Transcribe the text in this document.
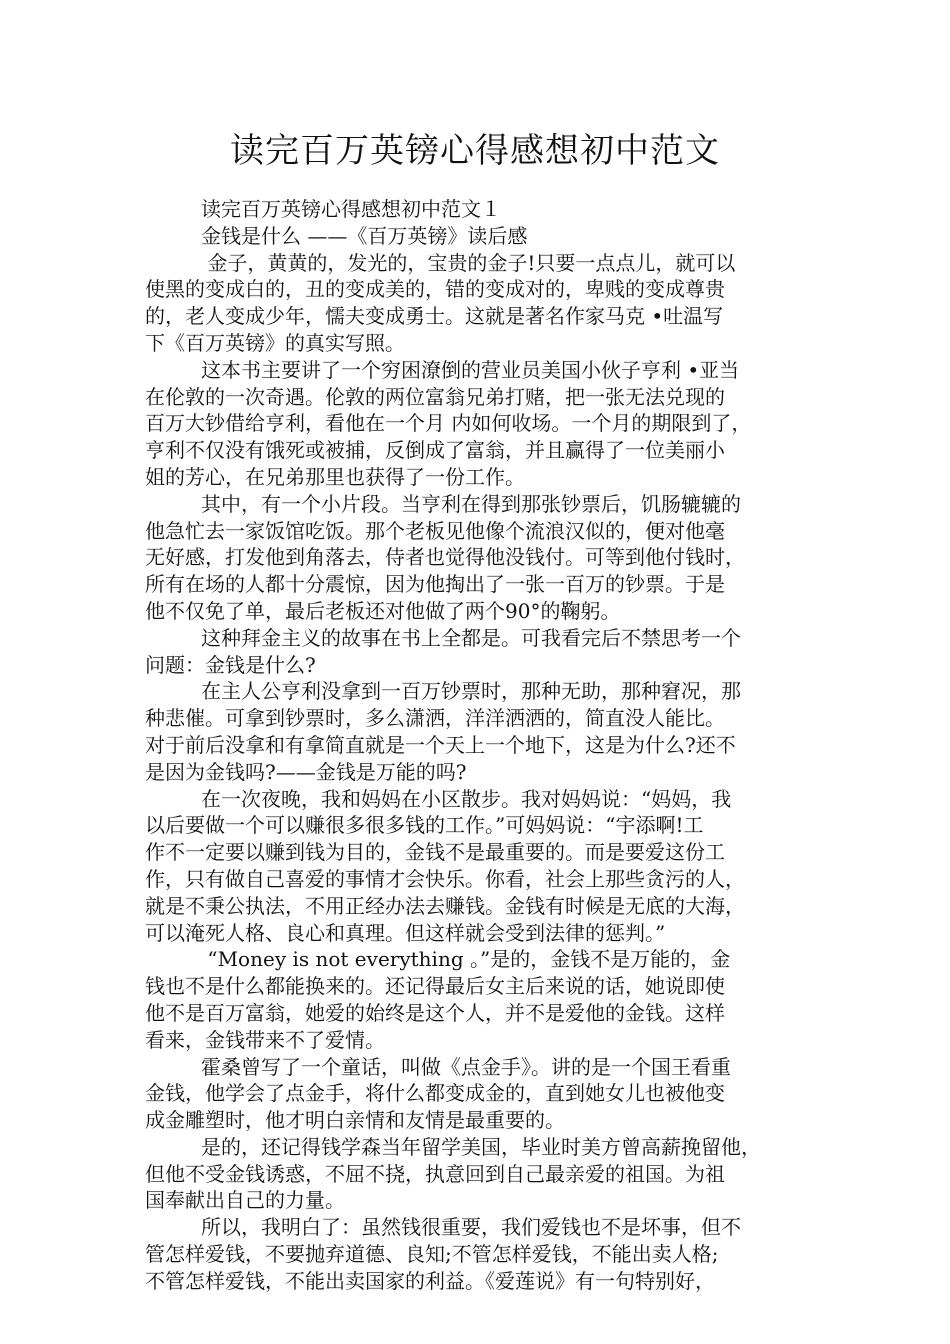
读完百万英镑心得感想初中范文
读完百万英镑心得感想初中范文１
金钱是什么 ——《百万英镑》读后感
金子，黄黄的，发光的，宝贵的金子!只要一点点儿，就可以
使黑的变成白的，丑的变成美的，错的变成对的，卑贱的变成尊贵
的，老人变成少年，懦夫变成勇士。这就是著名作家马克 •吐温写
下《百万英镑》的真实写照。
这本书主要讲了一个穷困潦倒的营业员美国小伙子亨利 •亚当
在伦敦的一次奇遇。伦敦的两位富翁兄弟打赌，把一张无法兑现的
百万大钞借给亨利，看他在一个月 内如何收场。一个月的期限到了，
亨利不仅没有饿死或被捕，反倒成了富翁，并且赢得了一位美丽小
姐的芳心，在兄弟那里也获得了一份工作。
其中，有一个小片段。当亨利在得到那张钞票后，饥肠辘辘的
他急忙去一家饭馆吃饭。那个老板见他像个流浪汉似的，便对他毫
无好感，打发他到角落去，侍者也觉得他没钱付。可等到他付钱时，
所有在场的人都十分震惊，因为他掏出了一张一百万的钞票。于是
他不仅免了单，最后老板还对他做了两个90°的鞠躬。
这种拜金主义的故事在书上全都是。可我看完后不禁思考一个
问题：金钱是什么?
在主人公亨利没拿到一百万钞票时，那种无助，那种窘况，那
种悲催。可拿到钞票时，多么潇洒，洋洋洒洒的，简直没人能比。
对于前后没拿和有拿简直就是一个天上一个地下，这是为什么?还不
是因为金钱吗?——金钱是万能的吗?
在一次夜晚，我和妈妈在小区散步。我对妈妈说：“妈妈，我
以后要做一个可以赚很多很多钱的工作。”可妈妈说：“宇添啊!工
作不一定要以赚到钱为目的，金钱不是最重要的。而是要爱这份工
作，只有做自己喜爱的事情才会快乐。你看，社会上那些贪污的人，
就是不秉公执法，不用正经办法去赚钱。金钱有时候是无底的大海，
可以淹死人格、良心和真理。但这样就会受到法律的惩判。”
“Money is not everything 。”是的，金钱不是万能的，金
钱也不是什么都能换来的。还记得最后女主后来说的话，她说即使
他不是百万富翁，她爱的始终是这个人，并不是爱他的金钱。这样
看来，金钱带来不了爱情。
霍桑曾写了一个童话，叫做《点金手》。讲的是一个国王看重
金钱，他学会了点金手，将什么都变成金的，直到她女儿也被他变
成金雕塑时，他才明白亲情和友情是最重要的。
是的，还记得钱学森当年留学美国，毕业时美方曾高薪挽留他，
但他不受金钱诱惑，不屈不挠，执意回到自己最亲爱的祖国。为祖
国奉献出自己的力量。
所以，我明白了：虽然钱很重要，我们爱钱也不是坏事，但不
管怎样爱钱，不要抛弃道德、良知;不管怎样爱钱，不能出卖人格;
不管怎样爱钱，不能出卖国家的利益。《爱莲说》有一句特别好，
